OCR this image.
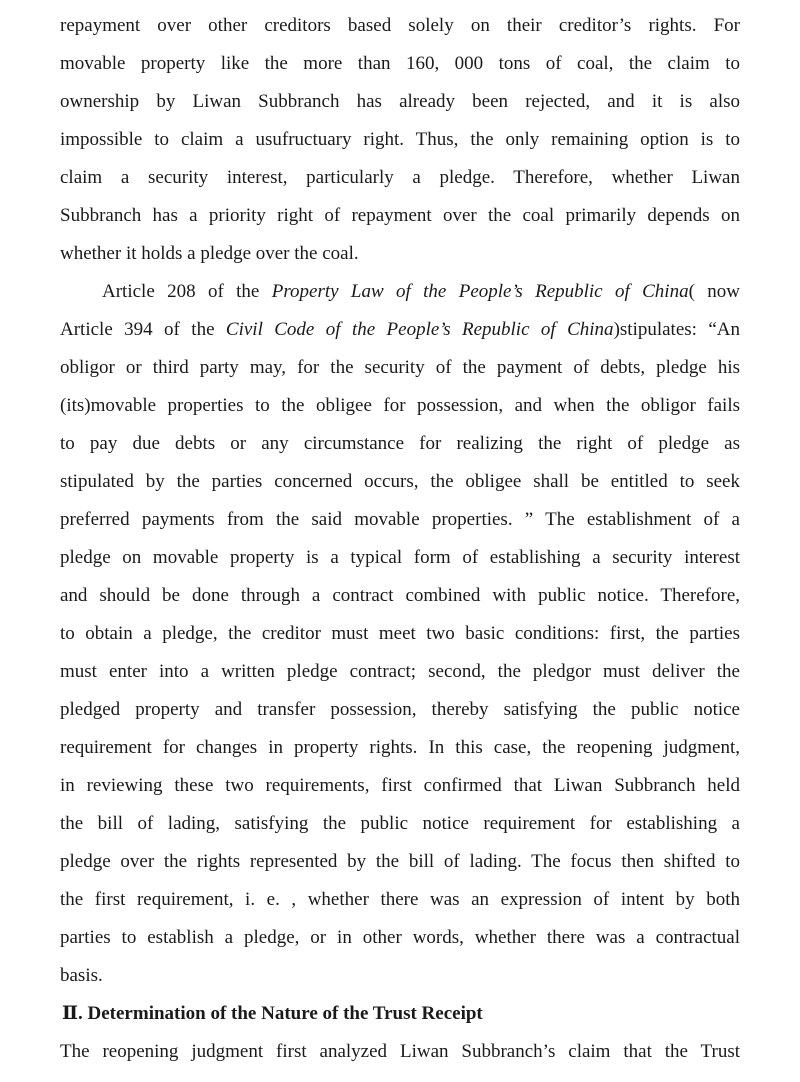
repayment over other creditors based solely on their creditor’s rights. For
movable property like the more than 160, 000 tons of coal, the claim to
ownership by Liwan Subbranch has already been rejected, and it is also
impossible to claim a usufructuary right. Thus, the only remaining option is to
claim a security interest, particularly a pledge. Therefore, whether Liwan
Subbranch has a priority right of repayment over the coal primarily depends on
whether it holds a pledge over the coal.
Article 208 of the Property Law of the People’s Republic of China( now
Article 394 of the Civil Code of the People’s Republic of China)stipulates: “An
obligor or third party may, for the security of the payment of debts, pledge his
(its)movable properties to the obligee for possession, and when the obligor fails
to pay due debts or any circumstance for realizing the right of pledge as
stipulated by the parties concerned occurs, the obligee shall be entitled to seek
preferred payments from the said movable properties. ” The establishment of a
pledge on movable property is a typical form of establishing a security interest
and should be done through a contract combined with public notice. Therefore,
to obtain a pledge, the creditor must meet two basic conditions: first, the parties
must enter into a written pledge contract; second, the pledgor must deliver the
pledged property and transfer possession, thereby satisfying the public notice
requirement for changes in property rights. In this case, the reopening judgment,
in reviewing these two requirements, first confirmed that Liwan Subbranch held
the bill of lading, satisfying the public notice requirement for establishing a
pledge over the rights represented by the bill of lading. The focus then shifted to
the first requirement, i. e. , whether there was an expression of intent by both
parties to establish a pledge, or in other words, whether there was a contractual
basis.
Ⅱ. Determination of the Nature of the Trust Receipt
The reopening judgment first analyzed Liwan Subbranch’s claim that the Trust
